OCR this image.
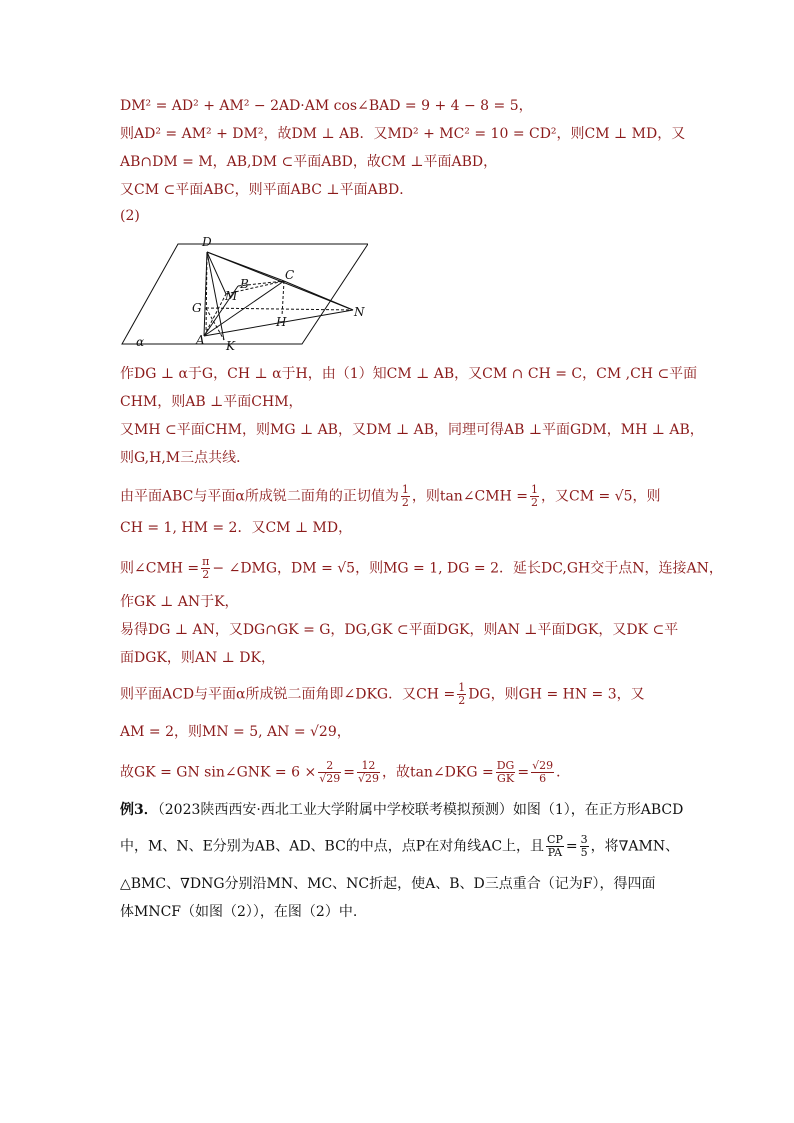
DM² = AD² + AM² − 2AD·AM cos∠BAD = 9 + 4 − 8 = 5，
则AD² = AM² + DM²，故DM ⊥ AB．又MD² + MC² = 10 = CD²，则CM ⊥ MD，又
AB∩DM = M，AB,DM ⊂平面ABD，故CM ⊥平面ABD，
又CM ⊂平面ABC，则平面ABC ⊥平面ABD．
(2)
D
B
C
M
G
H
N
A K
α
作DG ⊥ α于G，CH ⊥ α于H，由（1）知CM ⊥ AB，又CM ∩ CH = C，CM ,CH ⊂平面
CHM，则AB ⊥平面CHM，
又MH ⊂平面CHM，则MG ⊥ AB，又DM ⊥ AB，同理可得AB ⊥平面GDM，MH ⊥ AB，
则G,H,M三点共线．
由平面ABC与平面α所成锐二面角的正切值为 $\frac{1}{2}$ ，则tan∠CMH = $\frac{1}{2}$ ，又CM = √5，则
CH = 1, HM = 2．又CM ⊥ MD，
则∠CMH = $\frac{\pi}{2}$ − ∠DMG，DM = √5，则MG = 1, DG = 2．延长DC,GH交于点N，连接AN，
作GK ⊥ AN于K，
易得DG ⊥ AN，又DG∩GK = G，DG,GK ⊂平面DGK，则AN ⊥平面DGK，又DK ⊂平
面DGK，则AN ⊥ DK，
则平面ACD与平面α所成锐二面角即∠DKG．又CH = $\frac{1}{2}$ DG，则GH = HN = 3，又
AM = 2，则MN = 5, AN = √29，
故GK = GN sin∠GNK = $6 \times \frac{2}{√29} = \frac{12}{√29}$ ，故tan∠DKG = $\frac{DG}{GK} = \frac{√29}{6}$ ．
例3．（2023陕西西安·西北工业大学附属中学校联考模拟预测）如图（1），在正方形ABCD
中，M、N、E分别为AB、AD、BC的中点，点P在对角线AC上，且 $\frac{CP}{PA} = \frac{3}{5}$ ，将∇AMN、
△BMC、∇DNG分别沿MN、MC、NC折起，使A、B、D三点重合（记为F），得四面
体MNCF（如图（2）），在图（2）中.
